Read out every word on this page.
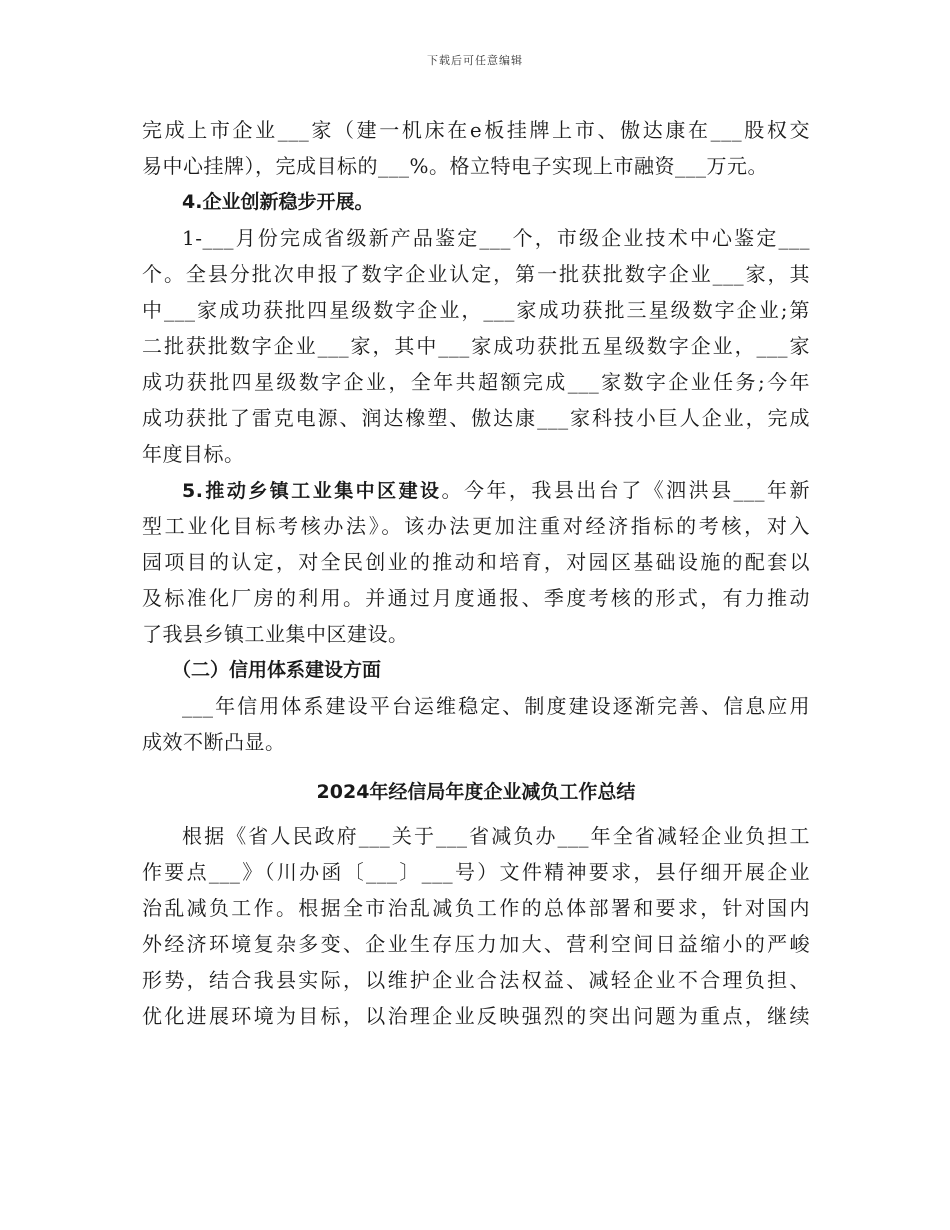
下载后可任意编辑
完成上市企业___家（建一机床在e板挂牌上市、傲达康在___股权交
易中心挂牌），完成目标的___%。格立特电子实现上市融资___万元。
4.企业创新稳步开展。
1-___月份完成省级新产品鉴定___个，市级企业技术中心鉴定___
个。全县分批次申报了数字企业认定，第一批获批数字企业___家，其
中___家成功获批四星级数字企业，___家成功获批三星级数字企业;第
二批获批数字企业___家，其中___家成功获批五星级数字企业，___家
成功获批四星级数字企业，全年共超额完成___家数字企业任务;今年
成功获批了雷克电源、润达橡塑、傲达康___家科技小巨人企业，完成
年度目标。
5.推动乡镇工业集中区建设。今年，我县出台了《泗洪县___年新
型工业化目标考核办法》。该办法更加注重对经济指标的考核，对入
园项目的认定，对全民创业的推动和培育，对园区基础设施的配套以
及标准化厂房的利用。并通过月度通报、季度考核的形式，有力推动
了我县乡镇工业集中区建设。
（二）信用体系建设方面
___年信用体系建设平台运维稳定、制度建设逐渐完善、信息应用
成效不断凸显。
2024年经信局年度企业减负工作总结
根据《省人民政府___关于___省减负办___年全省减轻企业负担工
作要点___》（川办函〔___〕___号）文件精神要求，县仔细开展企业
治乱减负工作。根据全市治乱减负工作的总体部署和要求，针对国内
外经济环境复杂多变、企业生存压力加大、营利空间日益缩小的严峻
形势，结合我县实际，以维护企业合法权益、减轻企业不合理负担、
优化进展环境为目标，以治理企业反映强烈的突出问题为重点，继续
